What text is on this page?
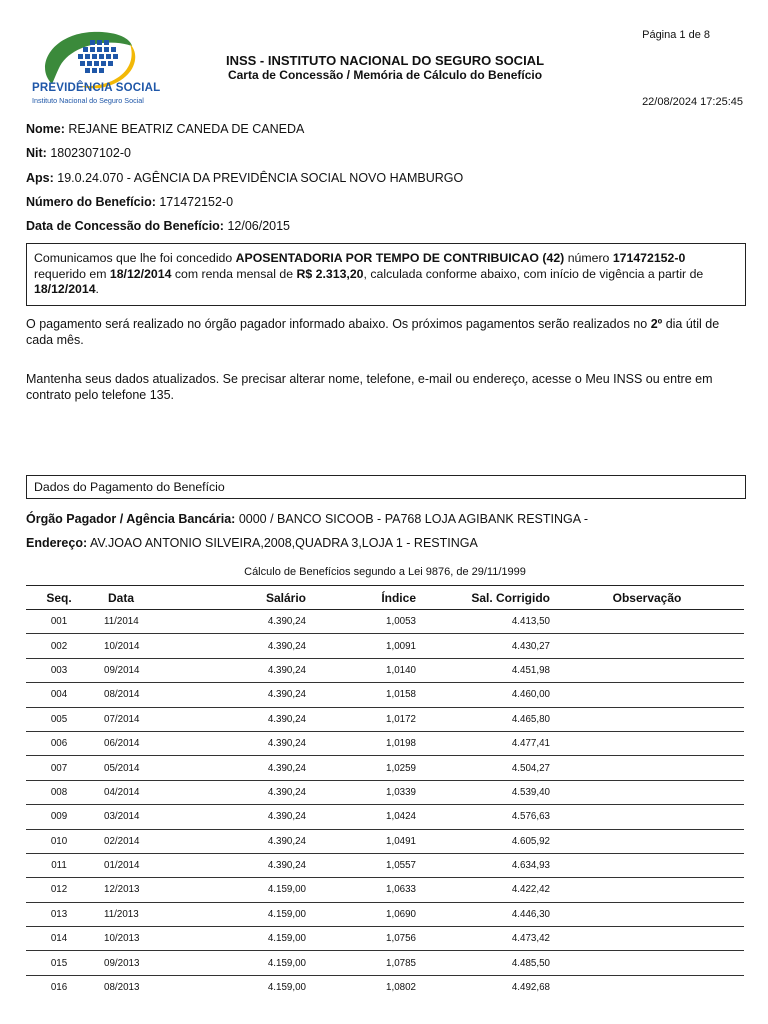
Página 1 de 8
PREVIDÊNCIA SOCIAL
Instituto Nacional do Seguro Social
INSS - INSTITUTO NACIONAL DO SEGURO SOCIAL
Carta de Concessão / Memória de Cálculo do Benefício
22/08/2024 17:25:45
Nome: REJANE BEATRIZ CANEDA DE CANEDA
Nit: 1802307102-0
Aps: 19.0.24.070 - AGÊNCIA DA PREVIDÊNCIA SOCIAL NOVO HAMBURGO
Número do Benefício: 171472152-0
Data de Concessão do Benefício: 12/06/2015
Comunicamos que lhe foi concedido APOSENTADORIA POR TEMPO DE CONTRIBUICAO (42) número 171472152-0 requerido em 18/12/2014 com renda mensal de R$ 2.313,20, calculada conforme abaixo, com início de vigência a partir de 18/12/2014.
O pagamento será realizado no órgão pagador informado abaixo. Os próximos pagamentos serão realizados no 2º dia útil de cada mês.
Mantenha seus dados atualizados. Se precisar alterar nome, telefone, e-mail ou endereço, acesse o Meu INSS ou entre em contrato pelo telefone 135.
Dados do Pagamento do Benefício
Órgão Pagador / Agência Bancária: 0000 / BANCO SICOOB - PA768 LOJA AGIBANK RESTINGA -
Endereço: AV.JOAO ANTONIO SILVEIRA,2008,QUADRA 3,LOJA 1 - RESTINGA
Cálculo de Benefícios segundo a Lei 9876, de 29/11/1999
Seq.	Data	Salário	Índice	Sal. Corrigido	Observação
001	11/2014	4.390,24	1,0053	4.413,50	
002	10/2014	4.390,24	1,0091	4.430,27	
003	09/2014	4.390,24	1,0140	4.451,98	
004	08/2014	4.390,24	1,0158	4.460,00	
005	07/2014	4.390,24	1,0172	4.465,80	
006	06/2014	4.390,24	1,0198	4.477,41	
007	05/2014	4.390,24	1,0259	4.504,27	
008	04/2014	4.390,24	1,0339	4.539,40	
009	03/2014	4.390,24	1,0424	4.576,63	
010	02/2014	4.390,24	1,0491	4.605,92	
011	01/2014	4.390,24	1,0557	4.634,93	
012	12/2013	4.159,00	1,0633	4.422,42	
013	11/2013	4.159,00	1,0690	4.446,30	
014	10/2013	4.159,00	1,0756	4.473,42	
015	09/2013	4.159,00	1,0785	4.485,50	
016	08/2013	4.159,00	1,0802	4.492,68	
